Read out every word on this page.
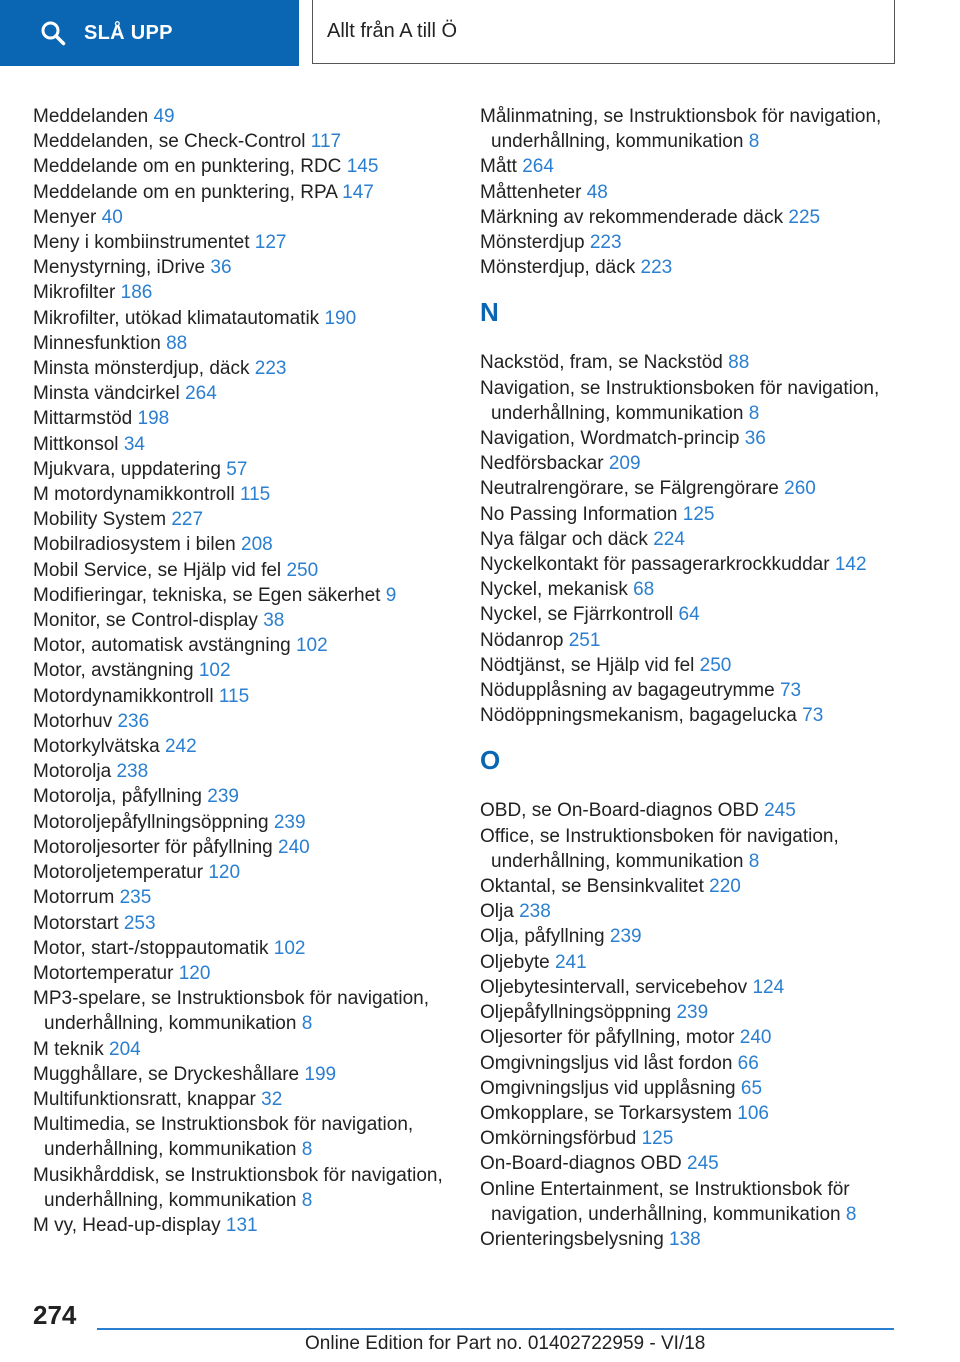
SLÅ UPP	Allt från A till Ö

Meddelanden 49

Meddelanden, se Check-Control 117

Meddelande om en punktering, RDC 145

Meddelande om en punktering, RPA 147

Menyer 40

Meny i kombiinstrumentet 127

Menystyrning, iDrive 36

Mikrofilter 186

Mikrofilter, utökad klimatautomatik 190

Minnesfunktion 88

Minsta mönsterdjup, däck 223

Minsta vändcirkel 264

Mittarmstöd 198

Mittkonsol 34

Mjukvara, uppdatering 57

M motordynamikkontroll 115

Mobility System 227

Mobilradiosystem i bilen 208

Mobil Service, se Hjälp vid fel 250

Modifieringar, tekniska, se Egen säkerhet 9

Monitor, se Control-display 38

Motor, automatisk avstängning 102

Motor, avstängning 102

Motordynamikkontroll 115

Motorhuv 236

Motorkylvätska 242

Motorolja 238

Motorolja, påfyllning 239

Motoroljepåfyllningsöppning 239

Motoroljesorter för påfyllning 240

Motoroljetemperatur 120

Motorrum 235

Motorstart 253

Motor, start-/stoppautomatik 102

Motortemperatur 120

MP3-spelare, se Instruktionsbok för navigation, underhållning, kommunikation 8

M teknik 204

Mugghållare, se Dryckeshållare 199

Multifunktionsratt, knappar 32

Multimedia, se Instruktionsbok för navigation, underhållning, kommunikation 8

Musikhårddisk, se Instruktionsbok för navigation, underhållning, kommunikation 8

M vy, Head-up-display 131

Målinmatning, se Instruktionsbok för navigation, underhållning, kommunikation 8

Mått 264

Måttenheter 48

Märkning av rekommenderade däck 225

Mönsterdjup 223

Mönsterdjup, däck 223

N

Nackstöd, fram, se Nackstöd 88

Navigation, se Instruktionsboken för navigation, underhållning, kommunikation 8

Navigation, Wordmatch-princip 36

Nedförsbackar 209

Neutralrengörare, se Fälgrengörare 260

No Passing Information 125

Nya fälgar och däck 224

Nyckelkontakt för passagerarkrockkuddar 142

Nyckel, mekanisk 68

Nyckel, se Fjärrkontroll 64

Nödanrop 251

Nödtjänst, se Hjälp vid fel 250

Nödupplåsning av bagageutrymme 73

Nödöppningsmekanism, bagagelucka 73

O

OBD, se On-Board-diagnos OBD 245

Office, se Instruktionsboken för navigation, underhållning, kommunikation 8

Oktantal, se Bensinkvalitet 220

Olja 238

Olja, påfyllning 239

Oljebyte 241

Oljebytesintervall, servicebehov 124

Oljepåfyllningsöppning 239

Oljesorter för påfyllning, motor 240

Omgivningsljus vid låst fordon 66

Omgivningsljus vid upplåsning 65

Omkopplare, se Torkarsystem 106

Omkörningsförbud 125

On-Board-diagnos OBD 245

Online Entertainment, se Instruktionsbok för navigation, underhållning, kommunikation 8

Orienteringsbelysning 138

274
Online Edition for Part no. 01402722959 - VI/18
